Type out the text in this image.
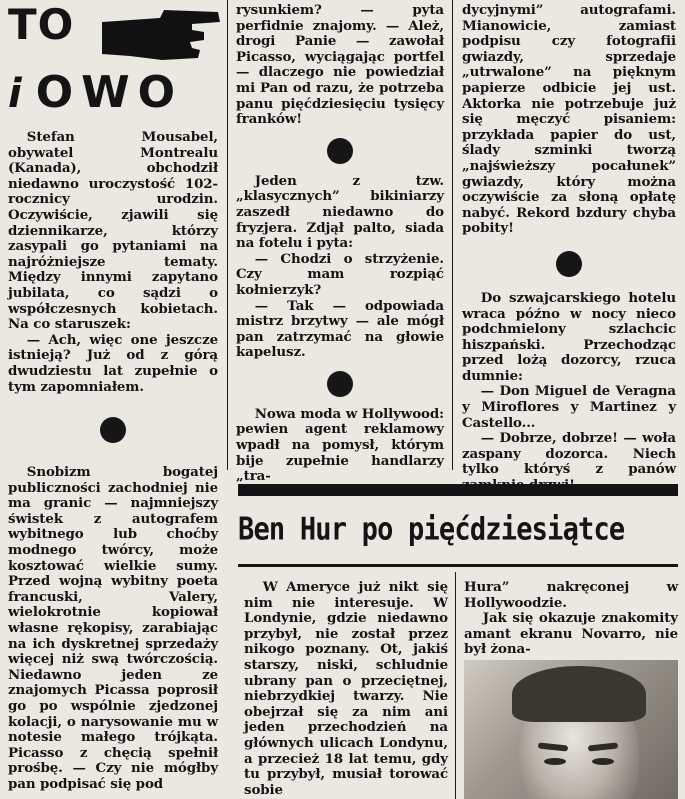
TO
iOWO

Stefan Mousabel, obywatel Montrealu (Kanada), obchodził niedawno uroczystość 102-rocznicy urodzin. Oczywiście, zjawili się dziennikarze, którzy zasypali go pytaniami na najróżniejsze tematy. Między innymi zapytano jubilata, co sądzi o współczesnych kobietach. Na co staruszek:

— Ach, więc one jeszcze istnieją? Już od z górą dwudziestu lat zupełnie o tym zapomniałem.

Snobizm bogatej publiczności zachodniej nie ma granic — najmniejszy świstek z autografem wybitnego lub choćby modnego twórcy, może kosztować wielkie sumy. Przed wojną wybitny poeta francuski, Valery, wielokrotnie kopiował własne rękopisy, zarabiając na ich dyskretnej sprzedaży więcej niż swą twórczością. Niedawno jeden ze znajomych Picassa poprosił go po wspólnie zjedzonej kolacji, o narysowanie mu w notesie małego trójkąta. Picasso z chęcią spełnił prośbę. — Czy nie mógłby pan podpisać się pod

rysunkiem? — pyta perfidnie znajomy. — Ależ, drogi Panie — zawołał Picasso, wyciągając portfel — dlaczego nie powiedział mi Pan od razu, że potrzeba panu pięćdziesięciu tysięcy franków!

Jeden z tzw. „klasycznych” bikiniarzy zaszedł niedawno do fryzjera. Zdjął palto, siada na fotelu i pyta:

— Chodzi o strzyżenie. Czy mam rozpiąć kołnierzyk?

— Tak — odpowiada mistrz brzytwy — ale mógł pan zatrzymać na głowie kapelusz.

Nowa moda w Hollywood: pewien agent reklamowy wpadł na pomysł, którym bije zupełnie handlarzy „tra-

dycyjnymi” autografami. Mianowicie, zamiast podpisu czy fotografii gwiazdy, sprzedaje „utrwalone” na pięknym papierze odbicie jej ust. Aktorka nie potrzebuje już się męczyć pisaniem: przykłada papier do ust, ślady szminki tworzą „najświeższy pocałunek” gwiazdy, który można oczywiście za słoną opłatę nabyć. Rekord bzdury chyba pobity!

Do szwajcarskiego hotelu wraca późno w nocy nieco podchmielony szlachcic hiszpański. Przechodząc przed lożą dozorcy, rzuca dumnie:

— Don Miguel de Veragna y Miroflores y Martinez y Castello...

— Dobrze, dobrze! — woła zaspany dozorca. Niech tylko któryś z panów

Ben Hur po pięćdziesiątce

W Ameryce już nikt się nim nie interesuje. W Londynie, gdzie niedawno przybył, nie został przez nikogo poznany. Ot, jakiś starszy, niski, schludnie ubrany pan o przeciętnej, niebrzydkiej twarzy. Nie obejrzał się za nim ani jeden przechodzień na głównych ulicach Londynu, a przecież 18 lat temu, gdy tu przybył, musiał torować sobie

Hura” nakręconej w Hollywoodzie.

Jak się okazuje znakomity amant ekranu Novarro, nie był żona-
